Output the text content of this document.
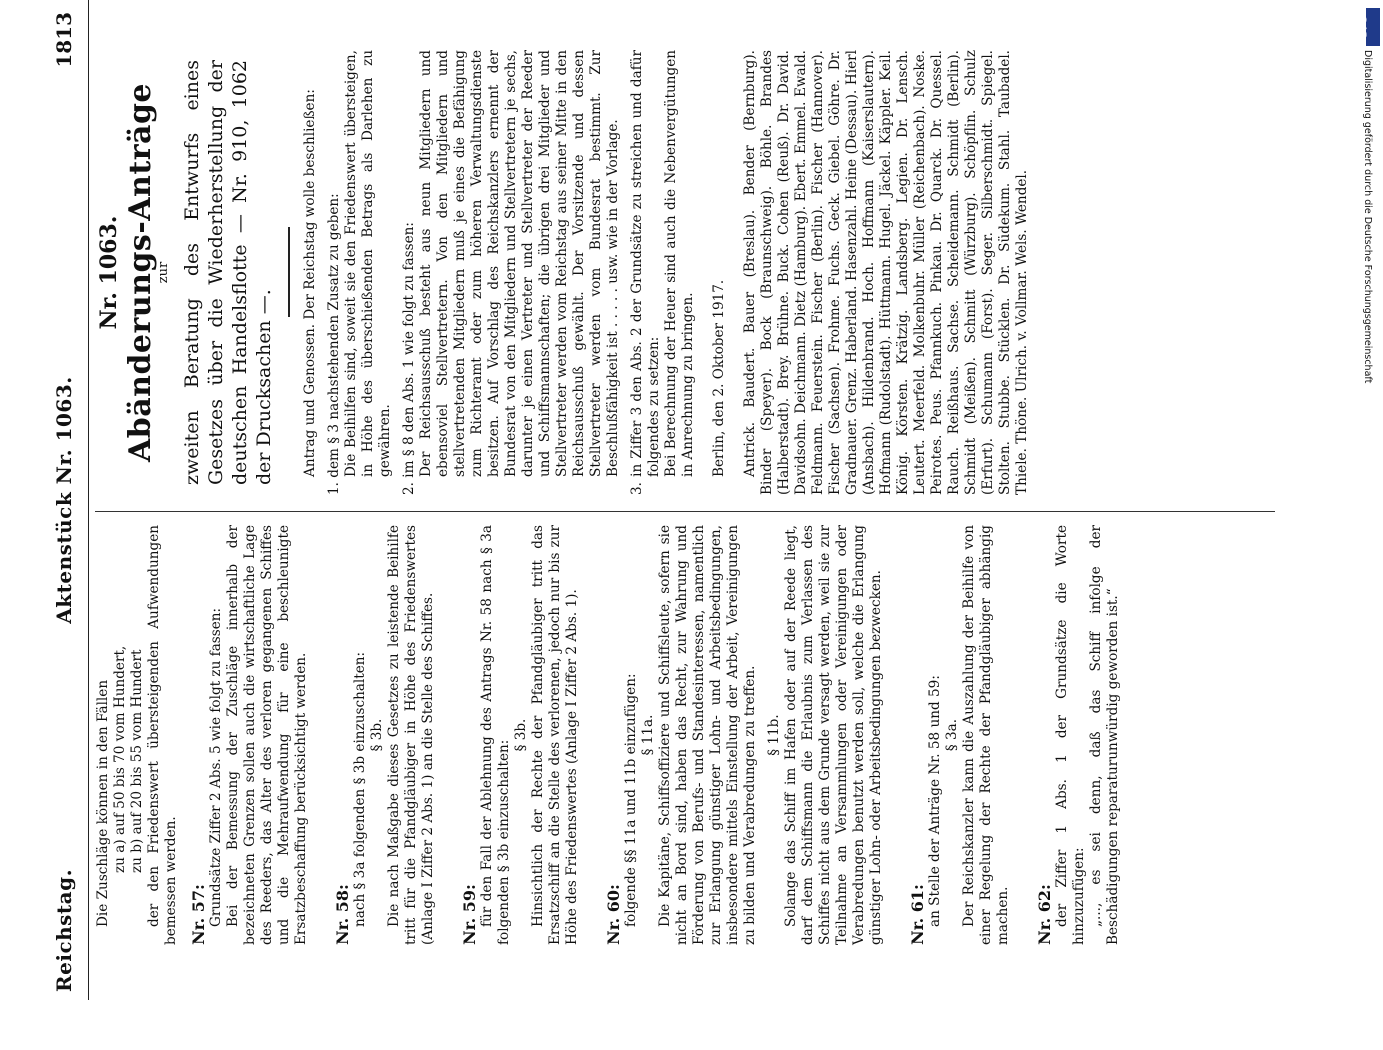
Reichstag.
Aktenstück Nr. 1063.
1813

Die Zuschläge können in den Fällen zu a) auf 50 bis 70 vom Hundert, zu b) auf 20 bis 55 vom Hundert der den Friedenswert übersteigenden Aufwendungen bemessen werden. Nr. 57: Grundsätze Ziffer 2 Abs. 5 wie folgt zu fassen: Bei der Bemessung der Zuschläge innerhalb der bezeichneten Grenzen sollen auch die wirtschaftliche Lage des Reeders, das Alter des verloren gegangenen Schiffes und die Mehraufwendung für eine beschleunigte Ersatzbeschaffung berücksichtigt werden. Nr. 58: nach § 3a folgenden § 3b einzuschalten: § 3b. Die nach Maßgabe dieses Gesetzes zu leistende Beihilfe tritt für die Pfandgläubiger in Höhe des Friedenswertes (Anlage I Ziffer 2 Abs. 1) an die Stelle des Schiffes. Nr. 59: für den Fall der Ablehnung des Antrags Nr. 58 nach § 3a folgenden § 3b einzuschalten:

§ 3b. Hinsichtlich der Rechte der Pfandgläubiger tritt das Ersatzschiff an die Stelle des verlorenen, jedoch nur bis zur Höhe des Friedenswertes (Anlage I Ziffer 2 Abs. 1). Nr. 60: folgende §§ 11a und 11b einzufügen: § 11a. Die Kapitäne, Schiffsoffiziere und Schiffsleute, sofern sie nicht an Bord sind, haben das Recht, zur Wahrung und Förderung von Berufs- und Standesinteressen, namentlich zur Erlangung günstiger Lohn- und Arbeitsbedingungen, insbesondere mittels Einstellung der Arbeit, Vereinigungen zu bilden und Verabredungen zu treffen. § 11b. Solange das Schiff im Hafen oder auf der Reede liegt, darf dem Schiffsmann die Erlaubnis zum Verlassen des Schiffes nicht aus dem Grunde versagt werden, weil sie zur Teilnahme an Versammlungen oder Vereinigungen oder Verabredungen benutzt werden soll, welche die Erlangung günstiger Lohn- oder Arbeitsbedingungen bezwecken. Nr. 61: an Stelle der Anträge Nr. 58 und 59: § 3a. Der Reichskanzler kann die Auszahlung der Beihilfe von einer Regelung der Rechte der Pfandgläubiger abhängig machen. Nr. 62: der Ziffer 1 Abs. 1 der Grundsätze die Worte hinzuzufügen: „..., es sei denn, daß das Schiff infolge der Beschädigungen reparaturunwürdig geworden ist.“

Nr. 1063. Abänderungs-Anträge
zur zweiten Beratung des Entwurfs eines Gesetzes über die Wiederherstellung der deutschen Handelsflotte — Nr. 910, 1062 der Drucksachen —. Antrag und Genossen. Der Reichstag wolle beschließen: 1. dem § 3 nachstehenden Zusatz zu geben: Die Beihilfen sind, soweit sie den Friedenswert übersteigen, in Höhe des überschießenden Betrags als Darlehen zu gewähren. 2. im § 8 den Abs. 1 wie folgt zu fassen: Der Reichsausschuß besteht aus neun Mitgliedern und ebensoviel Stellvertretern. Von den Mitgliedern und stellvertretenden Mitgliedern muß je eines die Befähigung zum Richteramt oder zum höheren Verwaltungsdienste besitzen. Auf Vorschlag des Reichskanzlers ernennt der Bundesrat von den Mitgliedern und Stellvertretern je sechs, darunter je einen Vertreter und Stellvertreter der Reeder und Schiffsmannschaften; die übrigen drei Mitglieder und Stellvertreter werden vom Reichstag aus seiner Mitte in den Reichsausschuß gewählt. Der Vorsitzende und dessen Stellvertreter werden vom Bundesrat bestimmt. Zur Beschlußfähigkeit ist . . . . . usw. wie in der Vorlage. 3. in Ziffer 3 den Abs. 2 der Grundsätze zu streichen und dafür folgendes zu setzen: Bei Berechnung der Heuer sind auch die Nebenvergütungen in Anrechnung zu bringen. Berlin, den 2. Oktober 1917. Antrick. Baudert. Bauer (Breslau). Bender (Bernburg). Binder (Speyer). Bock (Braunschweig). Böhle. Brandes (Halberstadt). Brey. Brühne. Buck. Cohen (Reuß). Dr. David. Davidsohn. Deichmann. Dietz (Hamburg). Ebert. Emmel. Ewald. Feldmann. Feuerstein. Fischer (Berlin). Fischer (Hannover). Fischer (Sachsen). Frohme. Fuchs. Geck. Giebel. Göhre. Dr. Gradnauer. Grenz. Haberland. Hasenzahl. Heine (Dessau). Hierl (Ansbach). Hildenbrand. Hoch. Hoffmann (Kaiserslautern). Hofmann (Rudolstadt). Hüttmann. Hugel. Jäckel. Käppler. Keil. König. Körsten. Krätzig. Landsberg. Legien. Dr. Lensch. Leutert. Meerfeld. Molkenbuhr. Müller (Reichenbach). Noske. Peirotes. Peus. Pfannkuch. Pinkau. Dr. Quarck. Dr. Quessel. Rauch. Reißhaus. Sachse. Scheidemann. Schmidt (Berlin). Schmidt (Meißen). Schmitt (Würzburg). Schöpflin. Schulz (Erfurt). Schumann (Forst). Seger. Silberschmidt. Spiegel. Stolten. Stubbe. Stücklen. Dr. Südekum. Stahl. Taubadel. Thiele. Thöne. Ulrich. v. Vollmar. Wels. Wendel.

DFG
Digitalisierung gefördert durch die Deutsche Forschungsgemeinschaft
